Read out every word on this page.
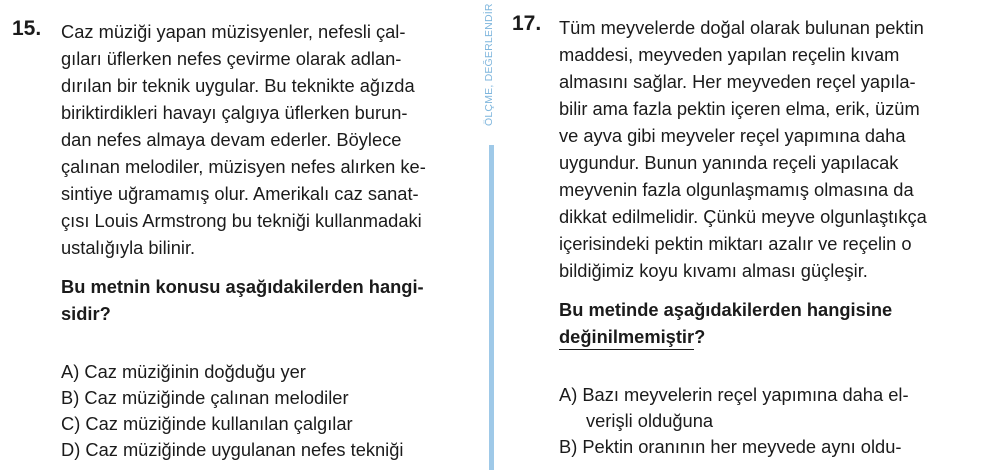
ÖLÇME, DEĞERLENDİR
15. Caz müziği yapan müzisyenler, nefesli çal-
gıları üflerken nefes çevirme olarak adlan-
dırılan bir teknik uygular. Bu teknikte ağızda
biriktirdikleri havayı çalgıya üflerken burun-
dan nefes almaya devam ederler. Böylece
çalınan melodiler, müzisyen nefes alırken ke-
sintiye uğramamış olur. Amerikalı caz sanat-
çısı Louis Armstrong bu tekniği kullanmadaki
ustalığıyla bilinir.
Bu metnin konusu aşağıdakilerden hangi-
sidir?
A) Caz müziğinin doğduğu yer
B) Caz müziğinde çalınan melodiler
C) Caz müziğinde kullanılan çalgılar
D) Caz müziğinde uygulanan nefes tekniği
17. Tüm meyvelerde doğal olarak bulunan pektin
maddesi, meyveden yapılan reçelin kıvam
almasını sağlar. Her meyveden reçel yapıla-
bilir ama fazla pektin içeren elma, erik, üzüm
ve ayva gibi meyveler reçel yapımına daha
uygundur. Bunun yanında reçeli yapılacak
meyvenin fazla olgunlaşmamış olmasına da
dikkat edilmelidir. Çünkü meyve olgunlaştıkça
içerisindeki pektin miktarı azalır ve reçelin o
bildiğimiz koyu kıvamı alması güçleşir.
Bu metinde aşağıdakilerden hangisine
değinilmemiştir?
A) Bazı meyvelerin reçel yapımına daha el-
verişli olduğuna
B) Pektin oranının her meyvede aynı oldu-
